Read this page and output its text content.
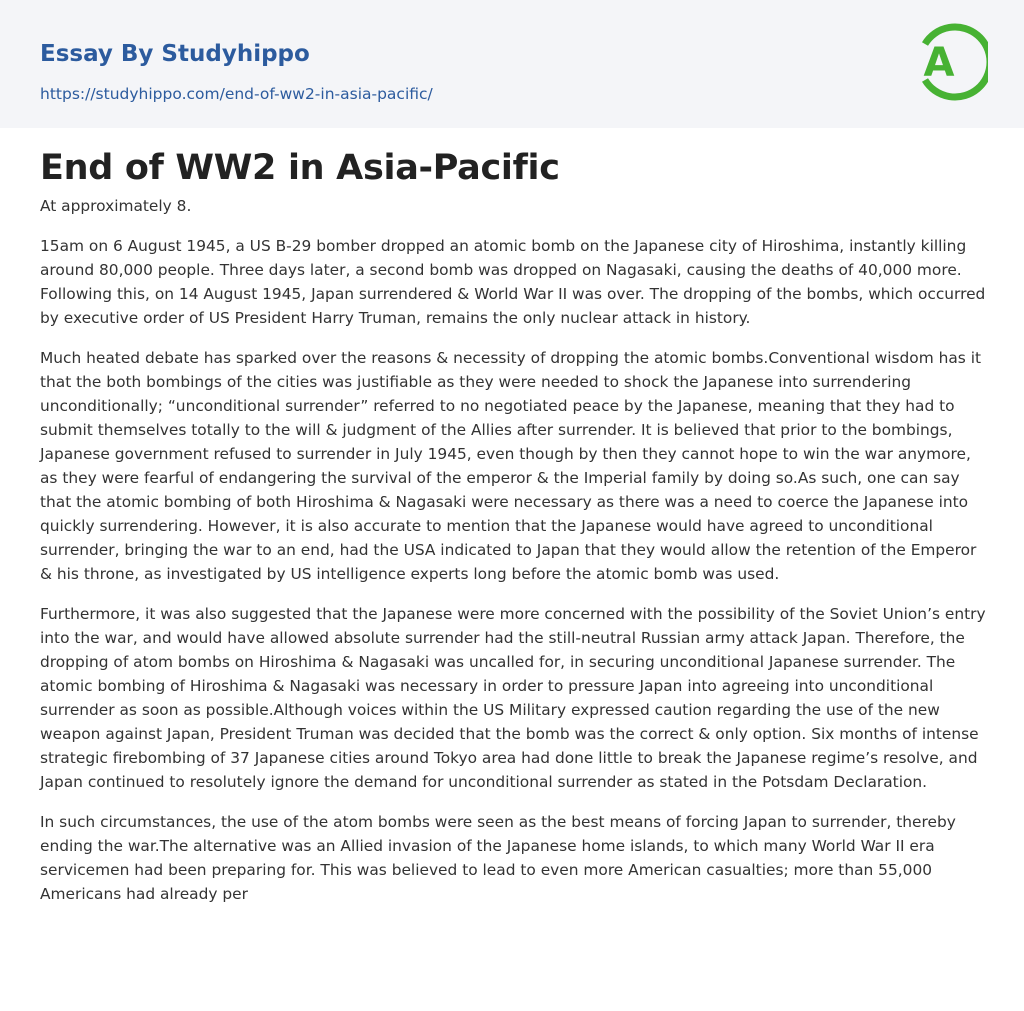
Essay By Studyhippo
https://studyhippo.com/end-of-ww2-in-asia-pacific/
A
End of WW2 in Asia-Pacific

At approximately 8.

15am on 6 August 1945, a US B-29 bomber dropped an atomic bomb on the Japanese city of Hiroshima, instantly killing around 80,000 people. Three days later, a second bomb was dropped on Nagasaki, causing the deaths of 40,000 more. Following this, on 14 August 1945, Japan surrendered & World War II was over. The dropping of the bombs, which occurred by executive order of US President Harry Truman, remains the only nuclear attack in history.

Much heated debate has sparked over the reasons & necessity of dropping the atomic bombs.Conventional wisdom has it that the both bombings of the cities was justifiable as they were needed to shock the Japanese into surrendering unconditionally; “unconditional surrender” referred to no negotiated peace by the Japanese, meaning that they had to submit themselves totally to the will & judgment of the Allies after surrender. It is believed that prior to the bombings, Japanese government refused to surrender in July 1945, even though by then they cannot hope to win the war anymore, as they were fearful of endangering the survival of the emperor & the Imperial family by doing so.As such, one can say that the atomic bombing of both Hiroshima & Nagasaki were necessary as there was a need to coerce the Japanese into quickly surrendering. However, it is also accurate to mention that the Japanese would have agreed to unconditional surrender, bringing the war to an end, had the USA indicated to Japan that they would allow the retention of the Emperor & his throne, as investigated by US intelligence experts long before the atomic bomb was used.

Furthermore, it was also suggested that the Japanese were more concerned with the possibility of the Soviet Union’s entry into the war, and would have allowed absolute surrender had the still-neutral Russian army attack Japan. Therefore, the dropping of atom bombs on Hiroshima & Nagasaki was uncalled for, in securing unconditional Japanese surrender. The atomic bombing of Hiroshima & Nagasaki was necessary in order to pressure Japan into agreeing into unconditional surrender as soon as possible.Although voices within the US Military expressed caution regarding the use of the new weapon against Japan, President Truman was decided that the bomb was the correct & only option. Six months of intense strategic firebombing of 37 Japanese cities around Tokyo area had done little to break the Japanese regime’s resolve, and Japan continued to resolutely ignore the demand for unconditional surrender as stated in the Potsdam Declaration.

In such circumstances, the use of the atom bombs were seen as the best means of forcing Japan to surrender, thereby ending the war.The alternative was an Allied invasion of the Japanese home islands, to which many World War II era servicemen had been preparing for. This was believed to lead to even more American casualties; more than 55,000 Americans had already per
